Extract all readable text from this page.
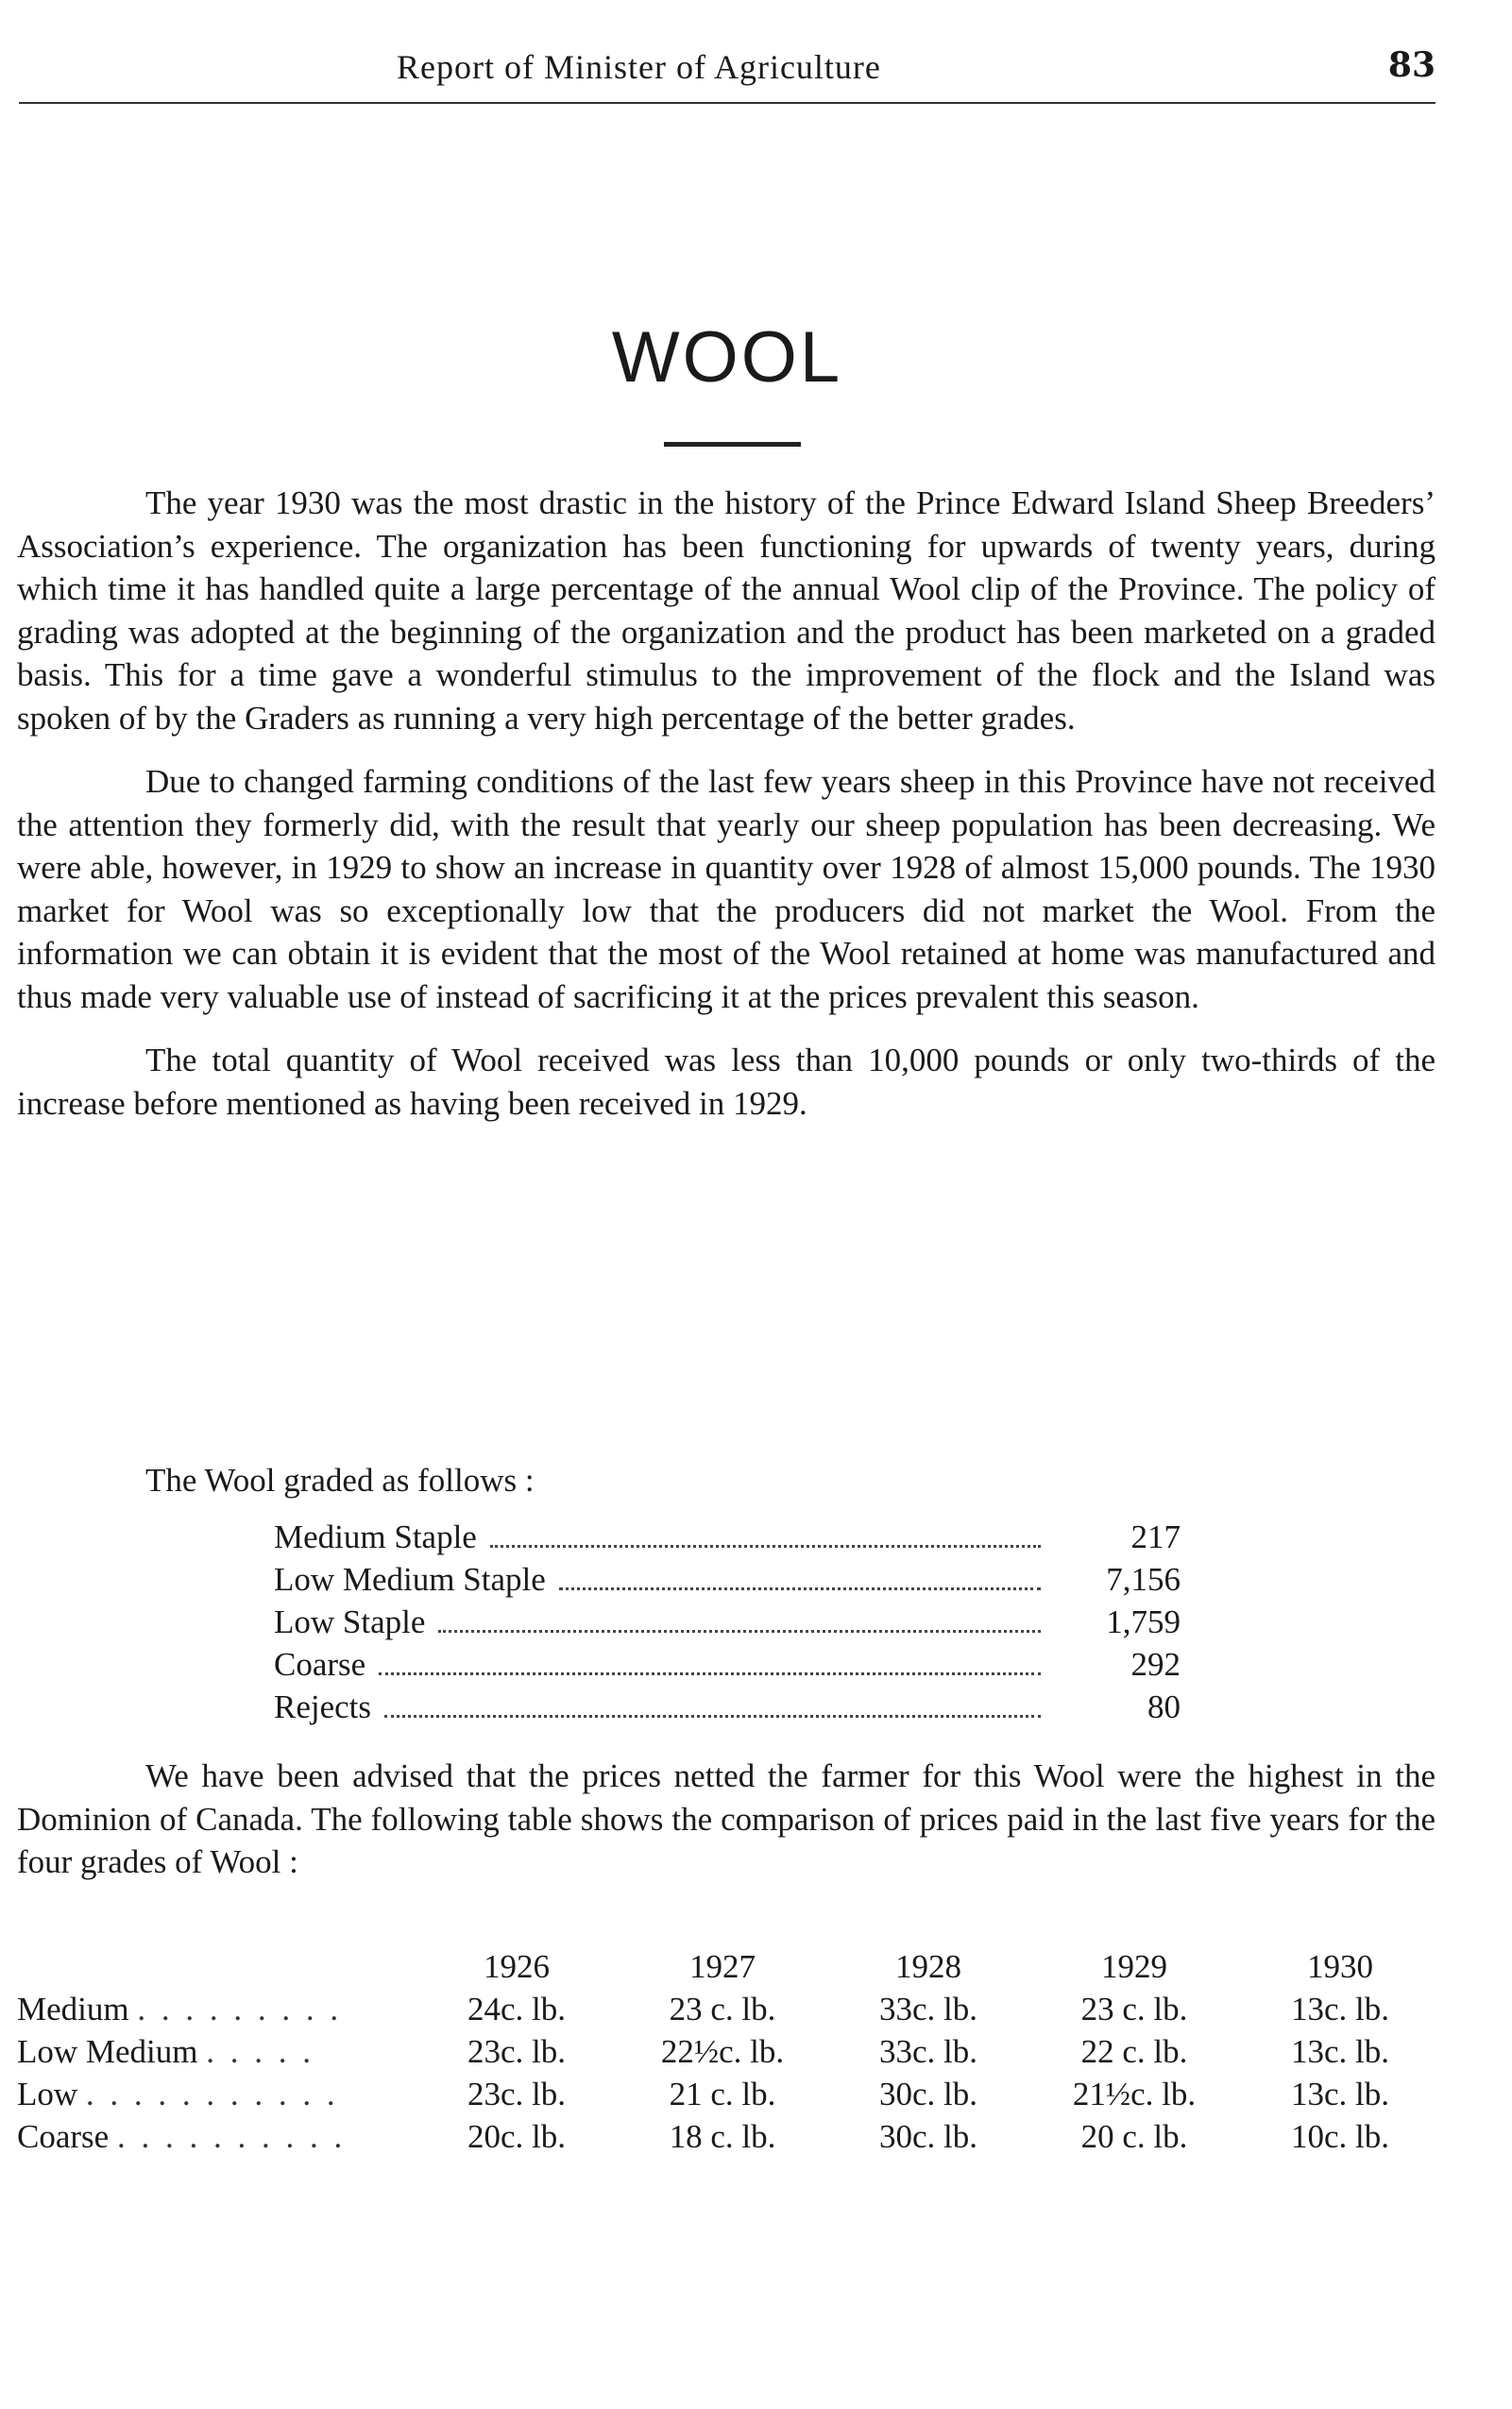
Report of Minister of Agriculture	83
WOOL

The year 1930 was the most drastic in the history of the Prince Edward Island Sheep Breeders’ Association’s experience. The organization has been functioning for upwards of twenty years, during which time it has handled quite a large percentage of the annual Wool clip of the Province. The policy of grading was adopted at the beginning of the organization and the product has been marketed on a graded basis. This for a time gave a wonderful stimulus to the improvement of the flock and the Island was spoken of by the Graders as running a very high percentage of the better grades.

Due to changed farming conditions of the last few years sheep in this Province have not received the attention they formerly did, with the result that yearly our sheep population has been decreasing. We were able, however, in 1929 to show an increase in quantity over 1928 of almost 15,000 pounds. The 1930 market for Wool was so exceptionally low that the producers did not market the Wool. From the information we can obtain it is evident that the most of the Wool retained at home was manufactured and thus made very valuable use of instead of sacrificing it at the prices prevalent this season.

The total quantity of Wool received was less than 10,000 pounds or only two-thirds of the increase before mentioned as having been received in 1929.

The Wool graded as follows :
Medium Staple	217
Low Medium Staple	7,156
Low Staple	1,759
Coarse	292
Rejects	80

We have been advised that the prices netted the farmer for this Wool were the highest in the Dominion of Canada. The following table shows the comparison of prices paid in the last five years for the four grades of Wool :

	1926	1927	1928	1929	1930
Medium . . . . . . . . .	24c. lb.	23 c. lb.	33c. lb.	23 c. lb.	13c. lb.
Low Medium . . . . .	23c. lb.	22½c. lb.	33c. lb.	22 c. lb.	13c. lb.
Low . . . . . . . . . . .	23c. lb.	21 c. lb.	30c. lb.	21½c. lb.	13c. lb.
Coarse . . . . . . . . . .	20c. lb.	18 c. lb.	30c. lb.	20 c. lb.	10c. lb.
